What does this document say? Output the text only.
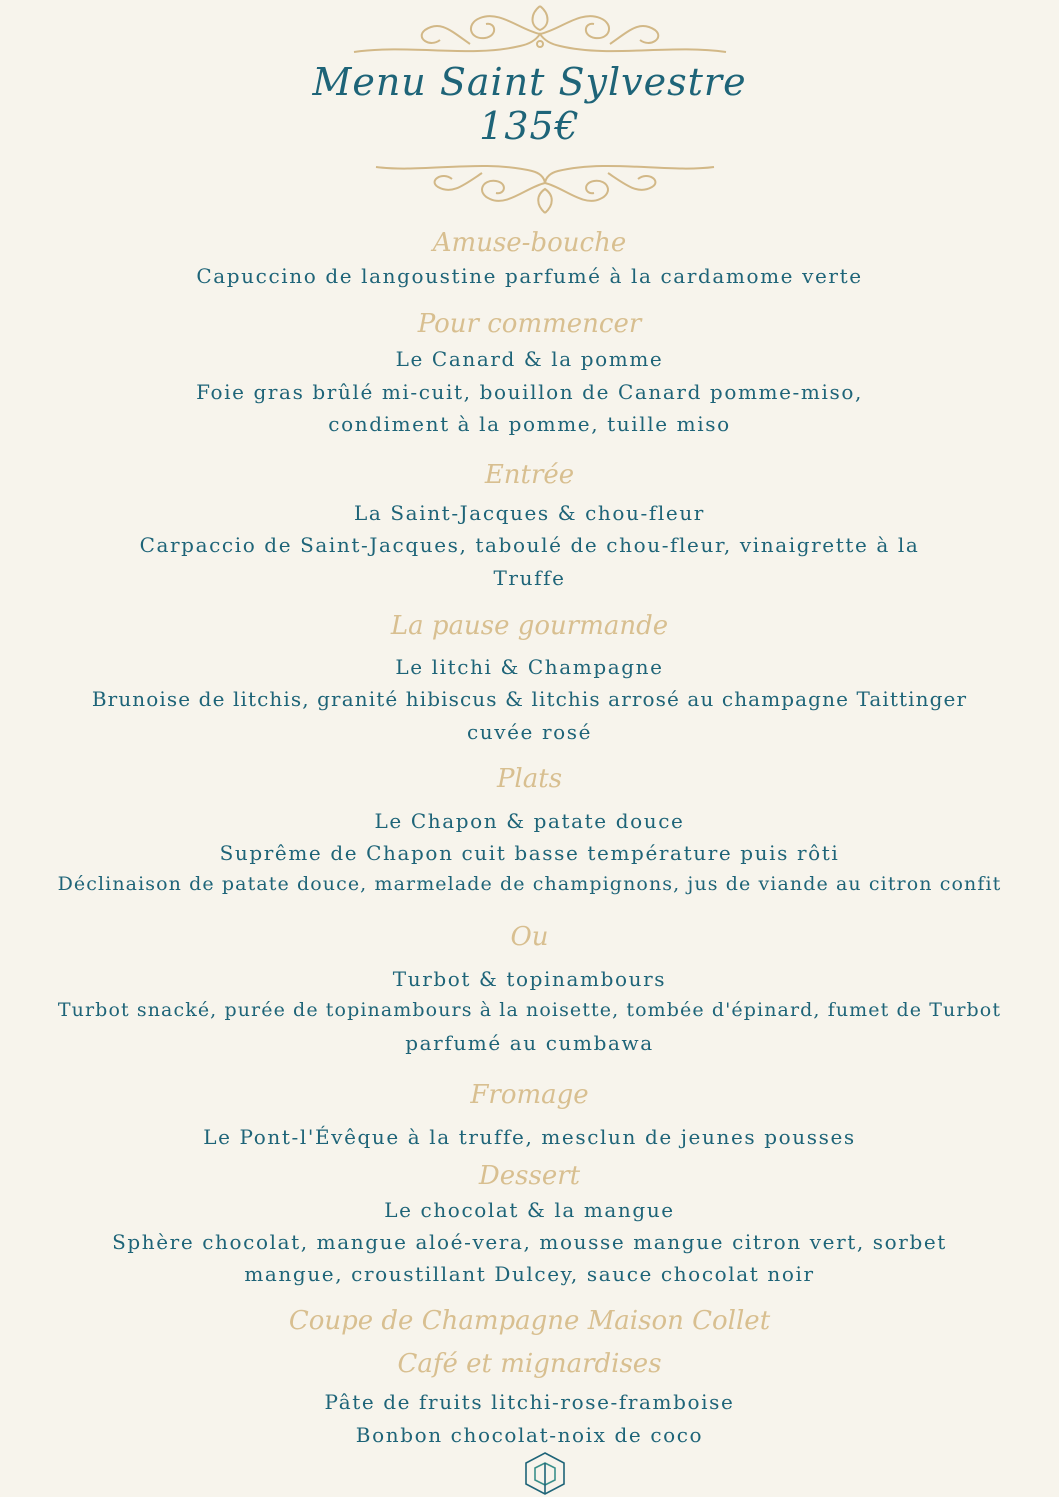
Menu Saint Sylvestre
135€
Amuse-bouche
Capuccino de langoustine parfumé à la cardamome verte
Pour commencer
Le Canard & la pomme
Foie gras brûlé mi-cuit, bouillon de Canard pomme-miso,
condiment à la pomme, tuille miso
Entrée
La Saint-Jacques & chou-fleur
Carpaccio de Saint-Jacques, taboulé de chou-fleur, vinaigrette à la
Truffe
La pause gourmande
Le litchi & Champagne
Brunoise de litchis, granité hibiscus & litchis arrosé au champagne Taittinger
cuvée rosé
Plats
Le Chapon & patate douce
Suprême de Chapon cuit basse température puis rôti
Déclinaison de patate douce, marmelade de champignons, jus de viande au citron confit
Ou
Turbot & topinambours
Turbot snacké, purée de topinambours à la noisette, tombée d'épinard, fumet de Turbot
parfumé au cumbawa
Fromage
Le Pont-l'Évêque à la truffe, mesclun de jeunes pousses
Dessert
Le chocolat & la mangue
Sphère chocolat, mangue aloé-vera, mousse mangue citron vert, sorbet
mangue, croustillant Dulcey, sauce chocolat noir
Coupe de Champagne Maison Collet
Café et mignardises
Pâte de fruits litchi-rose-framboise
Bonbon chocolat-noix de coco
